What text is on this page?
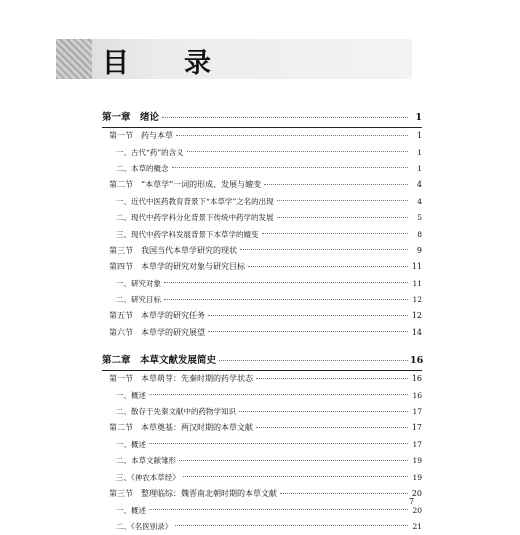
目　录
第一章　绪论	1
第一节　药与本草	1
一、古代“药”的含义	1
二、本草的概念	1
第二节　“本草学”一词的形成、发展与嬗变	4
一、近代中医药教育背景下“本草学”之名的出现	4
二、现代中药学科分化背景下传统中药学的发展	5
三、现代中药学科发展背景下本草学的嬗变	8
第三节　我国当代本草学研究的现状	9
第四节　本草学的研究对象与研究目标	11
一、研究对象	11
二、研究目标	12
第五节　本草学的研究任务	12
第六节　本草学的研究展望	14
第二章　本草文献发展简史	16
第一节　本草萌芽：先秦时期的药学状态	16
一、概述	16
二、散存于先秦文献中的药物学知识	17
第二节　本草奠基：两汉时期的本草文献	17
一、概述	17
二、本草文献雏形	19
三、《神农本草经》	19
第三节　整理临综：魏晋南北朝时期的本草文献	20
一、概述	20
二、《名医别录》	21
7
